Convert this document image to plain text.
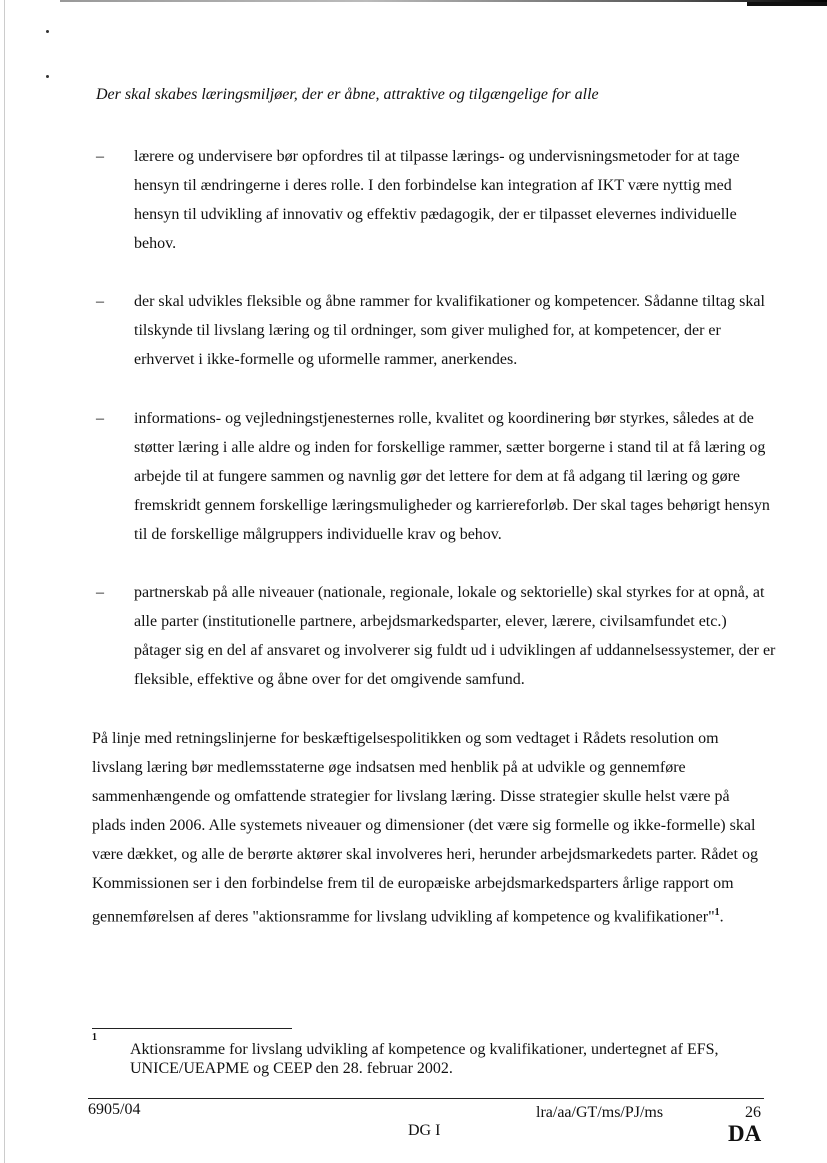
Der skal skabes læringsmiljøer, der er åbne, attraktive og tilgængelige for alle
– lærere og undervisere bør opfordres til at tilpasse lærings- og undervisningsmetoder for at tage hensyn til ændringerne i deres rolle. I den forbindelse kan integration af IKT være nyttig med hensyn til udvikling af innovativ og effektiv pædagogik, der er tilpasset elevernes individuelle behov.
– der skal udvikles fleksible og åbne rammer for kvalifikationer og kompetencer. Sådanne tiltag skal tilskynde til livslang læring og til ordninger, som giver mulighed for, at kompetencer, der er erhvervet i ikke-formelle og uformelle rammer, anerkendes.
– informations- og vejledningstjenesternes rolle, kvalitet og koordinering bør styrkes, således at de støtter læring i alle aldre og inden for forskellige rammer, sætter borgerne i stand til at få læring og arbejde til at fungere sammen og navnlig gør det lettere for dem at få adgang til læring og gøre fremskridt gennem forskellige læringsmuligheder og karriereforløb. Der skal tages behørigt hensyn til de forskellige målgruppers individuelle krav og behov.
– partnerskab på alle niveauer (nationale, regionale, lokale og sektorielle) skal styrkes for at opnå, at alle parter (institutionelle partnere, arbejdsmarkedsparter, elever, lærere, civilsamfundet etc.) påtager sig en del af ansvaret og involverer sig fuldt ud i udviklingen af uddannelsessystemer, der er fleksible, effektive og åbne over for det omgivende samfund.
På linje med retningslinjerne for beskæftigelsespolitikken og som vedtaget i Rådets resolution om livslang læring bør medlemsstaterne øge indsatsen med henblik på at udvikle og gennemføre sammenhængende og omfattende strategier for livslang læring. Disse strategier skulle helst være på plads inden 2006. Alle systemets niveauer og dimensioner (det være sig formelle og ikke-formelle) skal være dækket, og alle de berørte aktører skal involveres heri, herunder arbejdsmarkedets parter. Rådet og Kommissionen ser i den forbindelse frem til de europæiske arbejdsmarkedsparters årlige rapport om gennemførelsen af deres "aktionsramme for livslang udvikling af kompetence og kvalifikationer"$^1$.
1
Aktionsramme for livslang udvikling af kompetence og kvalifikationer, undertegnet af EFS, UNICE/UEAPME og CEEP den 28. februar 2002.
6905/04	lra/aa/GT/ms/PJ/ms	26
DG I	DA
